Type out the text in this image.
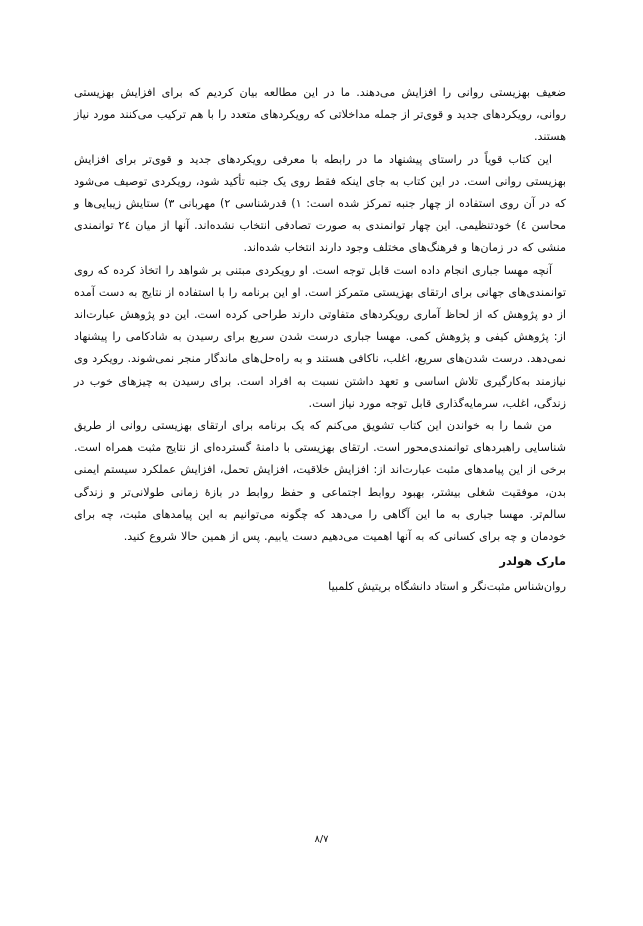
ضعیف بهزیستی روانی را افزایش می‌دهند. ما در این مطالعه بیان کردیم که برای افزایش بهزیستی روانی، رویکردهای جدید و قوی‌تر از جمله مداخلاتی که رویکردهای متعدد را با هم ترکیب می‌کنند مورد نیاز هستند.

این کتاب قویاً در راستای پیشنهاد ما در رابطه با معرفی رویکردهای جدید و قوی‌تر برای افزایش بهزیستی روانی است. در این کتاب به جای اینکه فقط روی یک جنبه تأکید شود، رویکردی توصیف می‌شود که در آن روی استفاده از چهار جنبه تمرکز شده است: ۱) قدرشناسی ۲) مهربانی ۳) ستایش زیبایی‌ها و محاسن ٤) خودتنظیمی. این چهار توانمندی به صورت تصادفی انتخاب نشده‌اند. آنها از میان ٢٤ توانمندی منشی که در زمان‌ها و فرهنگ‌های مختلف وجود دارند انتخاب شده‌اند.

آنچه مهسا جباری انجام داده است قابل توجه است. او رویکردی مبتنی بر شواهد را اتخاذ کرده که روی توانمندی‌های جهانی برای ارتقای بهزیستی متمرکز است. او این برنامه را با استفاده از نتایج به دست آمده از دو پژوهش که از لحاظ آماری رویکردهای متفاوتی دارند طراحی کرده است. این دو پژوهش عبارت‌اند از: پژوهش کیفی و پژوهش کمی. مهسا جباری درست شدن سریع برای رسیدن به شادکامی را پیشنهاد نمی‌دهد. درست شدن‌های سریع، اغلب، ناکافی هستند و به راه‌حل‌های ماندگار منجر نمی‌شوند. رویکرد وی نیازمند به‌کارگیری تلاش اساسی و تعهد داشتن نسبت به افراد است. برای رسیدن به چیزهای خوب در زندگی، اغلب، سرمایه‌گذاری قابل توجه مورد نیاز است.

من شما را به خواندن این کتاب تشویق می‌کنم که یک برنامه برای ارتقای بهزیستی روانی از طریق شناسایی راهبردهای توانمندی‌محور است. ارتقای بهزیستی با دامنهٔ گسترده‌ای از نتایج مثبت همراه است. برخی از این پیامدهای مثبت عبارت‌اند از: افزایش خلاقیت، افزایش تحمل، افزایش عملکرد سیستم ایمنی بدن، موفقیت شغلی بیشتر، بهبود روابط اجتماعی و حفظ روابط در بازهٔ زمانی طولانی‌تر و زندگی سالم‌تر. مهسا جباری به ما این آگاهی را می‌دهد که چگونه می‌توانیم به این پیامدهای مثبت، چه برای خودمان و چه برای کسانی که به آنها اهمیت می‌دهیم دست یابیم. پس از همین حالا شروع کنید.

مارک هولدر

روان‌شناس مثبت‌نگر و استاد دانشگاه بریتیش کلمبیا

۸/۷
